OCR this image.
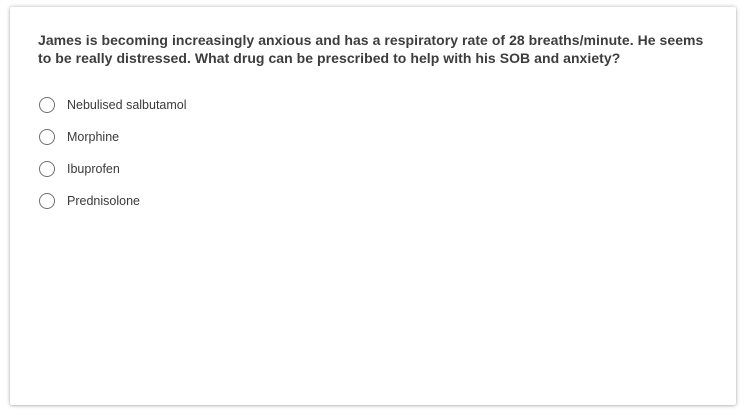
James is becoming increasingly anxious and has a respiratory rate of 28 breaths/minute. He seems to be really distressed. What drug can be prescribed to help with his SOB and anxiety?

Nebulised salbutamol
Morphine
Ibuprofen
Prednisolone
